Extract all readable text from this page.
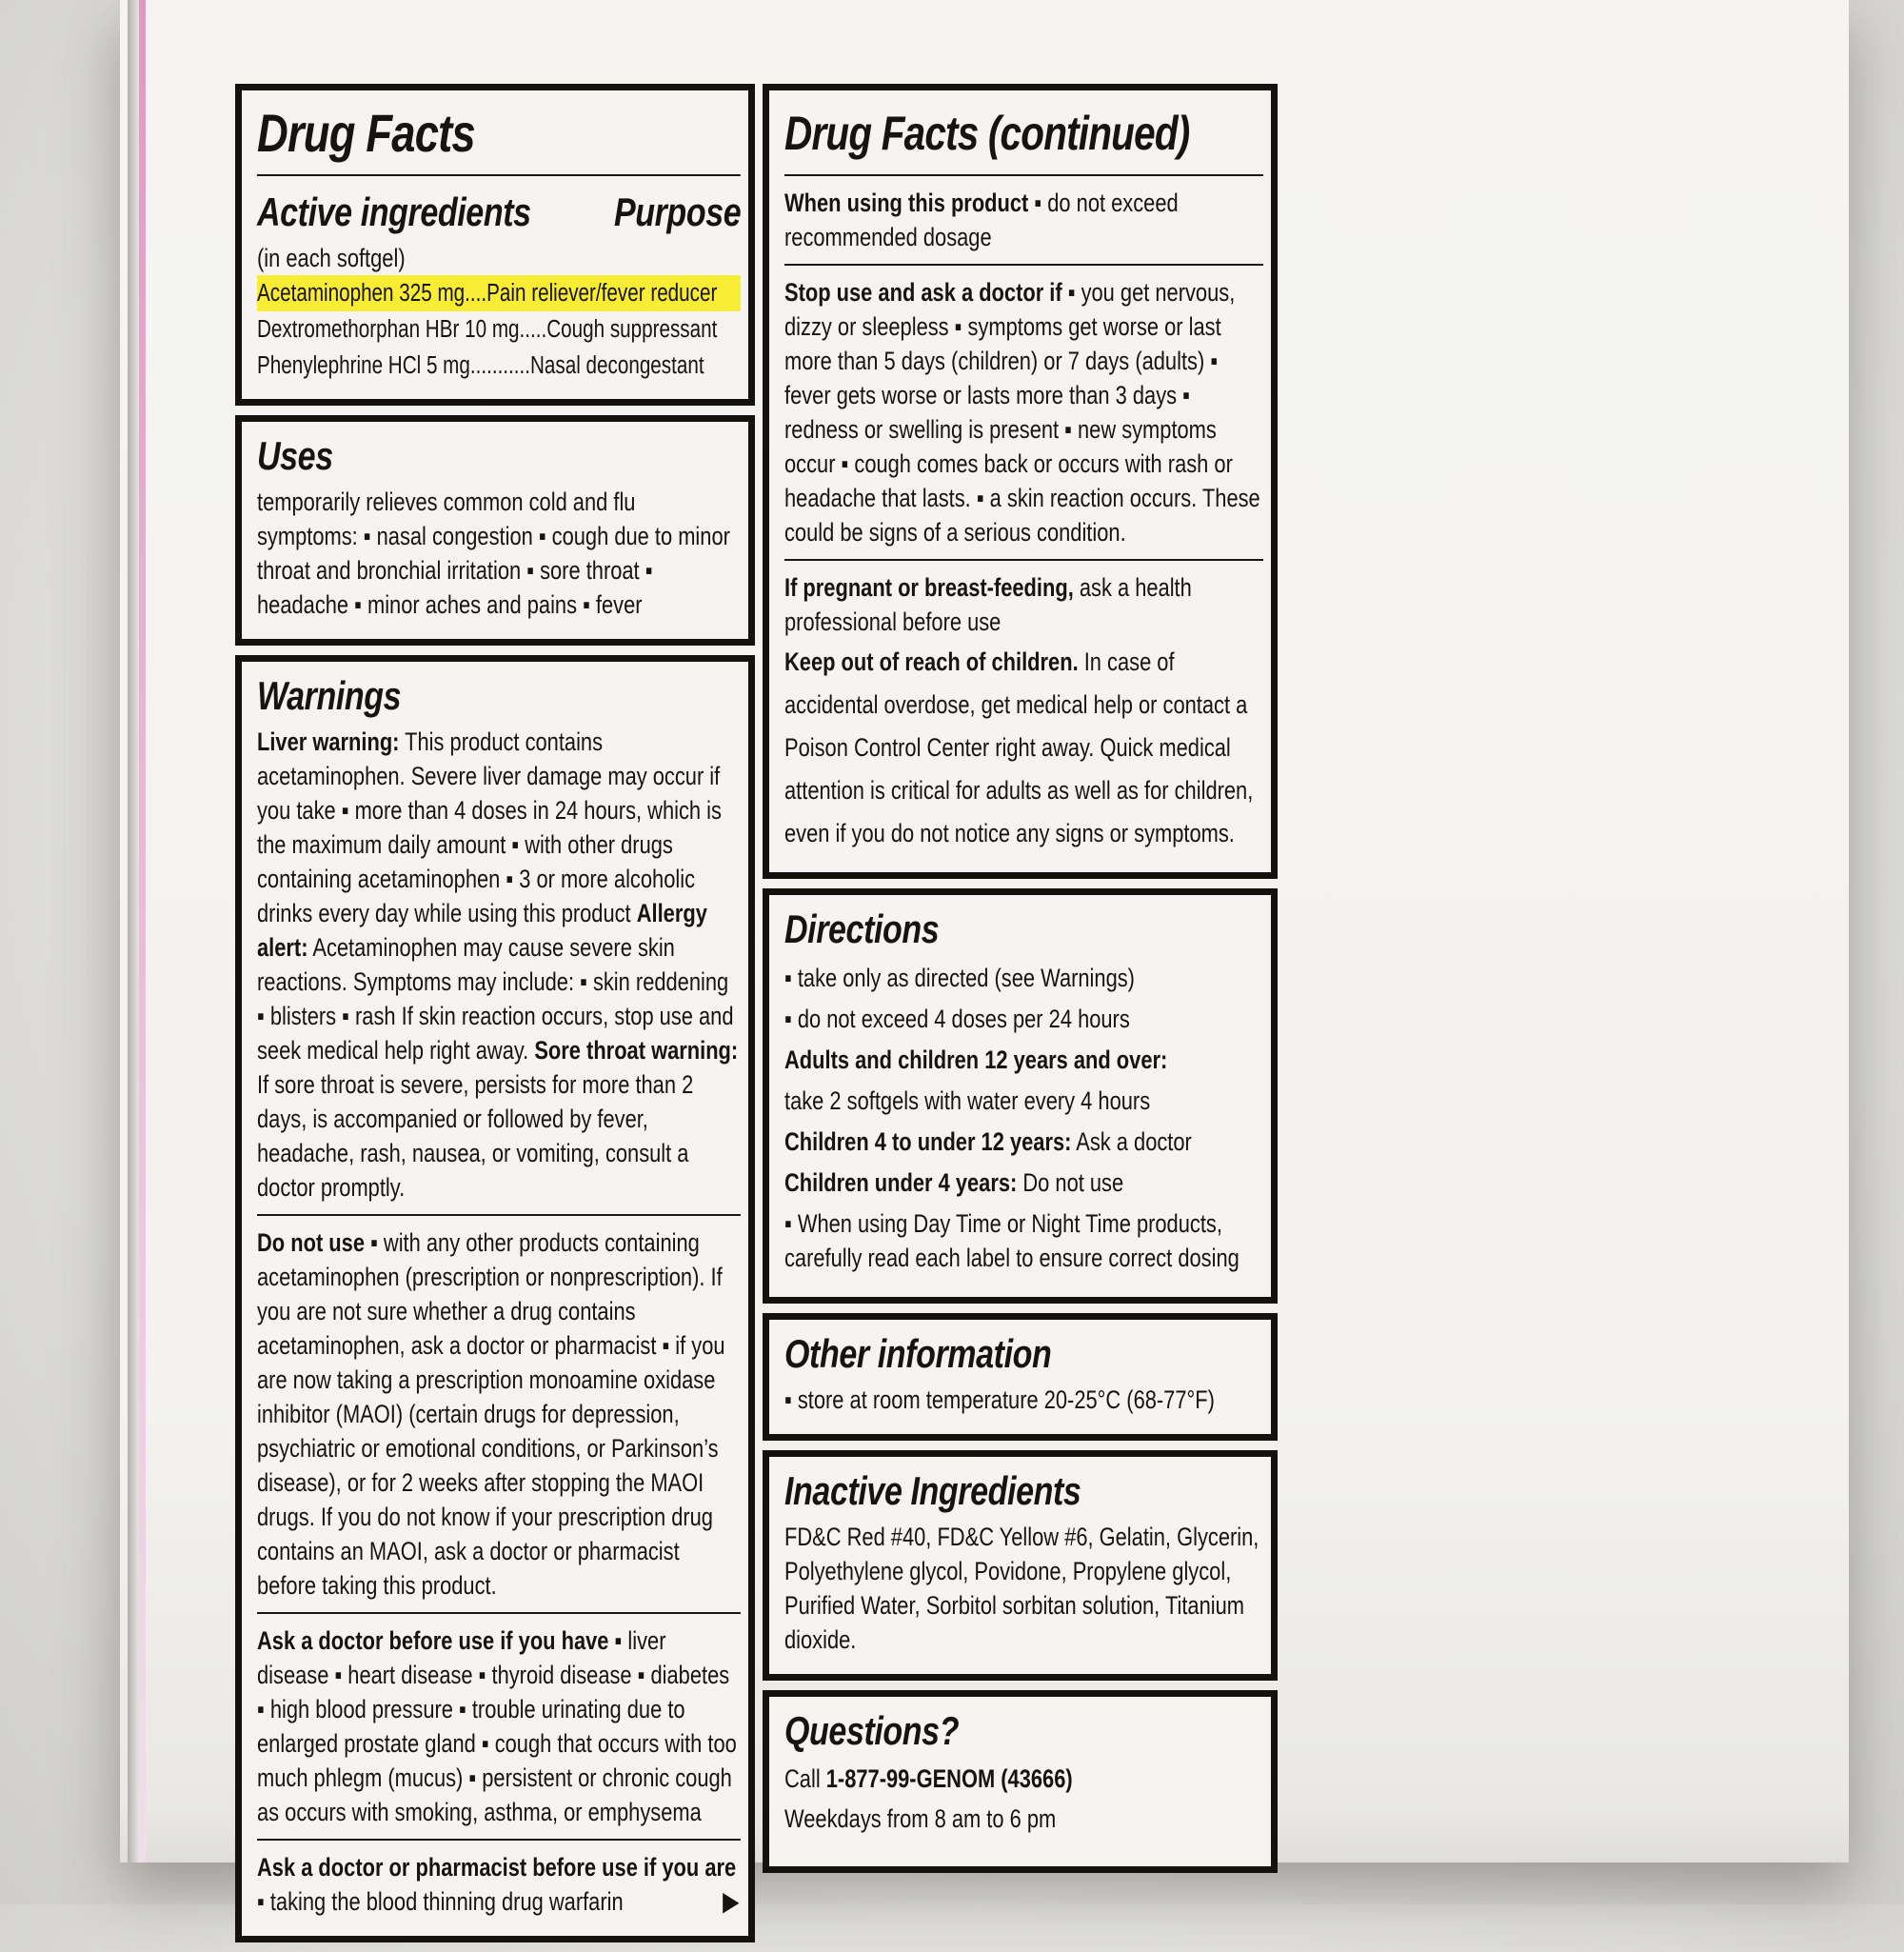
Drug Facts
Active ingredients Purpose
(in each softgel)
Acetaminophen 325 mg....Pain reliever/fever reducer
Dextromethorphan HBr 10 mg.....Cough suppressant
Phenylephrine HCl 5 mg...........Nasal decongestant
Uses
temporarily relieves common cold and flu symptoms: ▪ nasal congestion ▪ cough due to minor throat and bronchial irritation ▪ sore throat ▪ headache ▪ minor aches and pains ▪ fever
Warnings
Liver warning: This product contains acetaminophen. Severe liver damage may occur if you take ▪ more than 4 doses in 24 hours, which is the maximum daily amount ▪ with other drugs containing acetaminophen ▪ 3 or more alcoholic drinks every day while using this product Allergy alert: Acetaminophen may cause severe skin reactions. Symptoms may include: ▪ skin reddening ▪ blisters ▪ rash If skin reaction occurs, stop use and seek medical help right away. Sore throat warning: If sore throat is severe, persists for more than 2 days, is accompanied or followed by fever, headache, rash, nausea, or vomiting, consult a doctor promptly.
Do not use ▪ with any other products containing acetaminophen (prescription or nonprescription). If you are not sure whether a drug contains acetaminophen, ask a doctor or pharmacist ▪ if you are now taking a prescription monoamine oxidase inhibitor (MAOI) (certain drugs for depression, psychiatric or emotional conditions, or Parkinson’s disease), or for 2 weeks after stopping the MAOI drugs. If you do not know if your prescription drug contains an MAOI, ask a doctor or pharmacist before taking this product.
Ask a doctor before use if you have ▪ liver disease ▪ heart disease ▪ thyroid disease ▪ diabetes ▪ high blood pressure ▪ trouble urinating due to enlarged prostate gland ▪ cough that occurs with too much phlegm (mucus) ▪ persistent or chronic cough as occurs with smoking, asthma, or emphysema
Ask a doctor or pharmacist before use if you are ▪ taking the blood thinning drug warfarin	▶
Drug Facts (continued)
When using this product ▪ do not exceed recommended dosage
Stop use and ask a doctor if ▪ you get nervous, dizzy or sleepless ▪ symptoms get worse or last more than 5 days (children) or 7 days (adults) ▪ fever gets worse or lasts more than 3 days ▪ redness or swelling is present ▪ new symptoms occur ▪ cough comes back or occurs with rash or headache that lasts. ▪ a skin reaction occurs. These could be signs of a serious condition.
If pregnant or breast-feeding, ask a health professional before use
Keep out of reach of children. In case of accidental overdose, get medical help or contact a Poison Control Center right away. Quick medical attention is critical for adults as well as for children, even if you do not notice any signs or symptoms.
Directions
▪ take only as directed (see Warnings)
▪ do not exceed 4 doses per 24 hours
Adults and children 12 years and over:
take 2 softgels with water every 4 hours
Children 4 to under 12 years: Ask a doctor
Children under 4 years: Do not use
▪ When using Day Time or Night Time products, carefully read each label to ensure correct dosing
Other information
▪ store at room temperature 20-25°C (68-77°F)
Inactive Ingredients
FD&C Red #40, FD&C Yellow #6, Gelatin, Glycerin, Polyethylene glycol, Povidone, Propylene glycol, Purified Water, Sorbitol sorbitan solution, Titanium dioxide.
Questions?
Call 1-877-99-GENOM (43666)
Weekdays from 8 am to 6 pm
